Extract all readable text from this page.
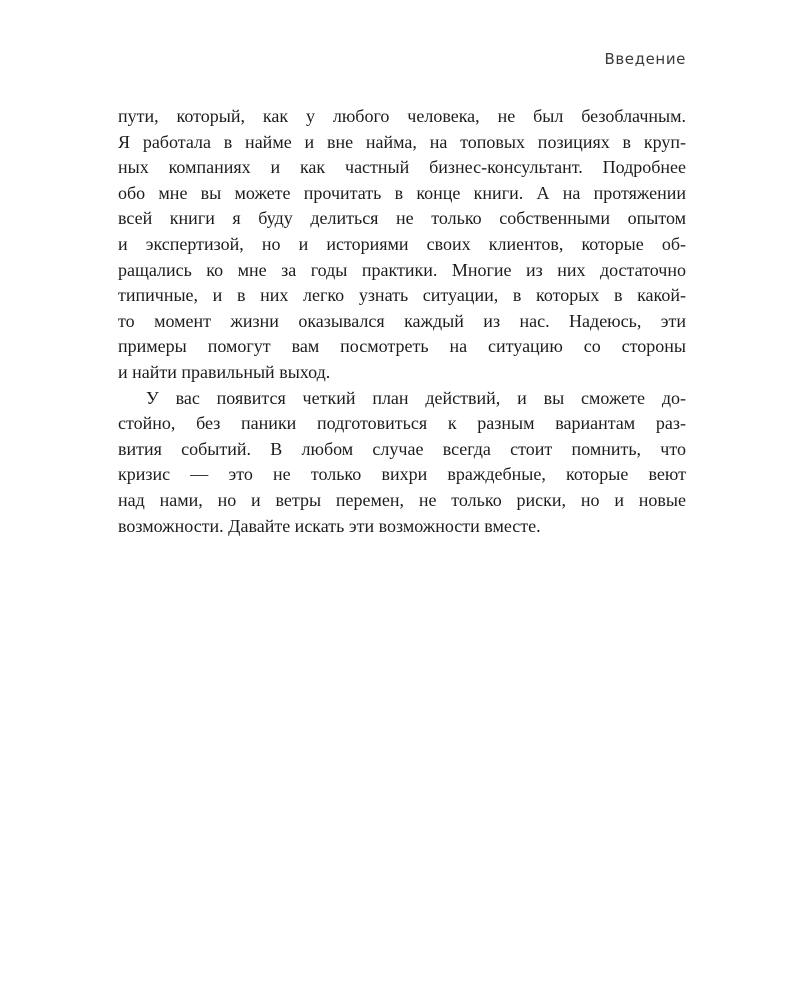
Введение
пути, который, как у любого человека, не был безоблачным.
Я работала в найме и вне найма, на топовых позициях в круп-
ных компаниях и как частный бизнес-консультант. Подробнее
обо мне вы можете прочитать в конце книги. А на протяжении
всей книги я буду делиться не только собственными опытом
и экспертизой, но и историями своих клиентов, которые об-
ращались ко мне за годы практики. Многие из них достаточно
типичные, и в них легко узнать ситуации, в которых в какой-
то момент жизни оказывался каждый из нас. Надеюсь, эти
примеры помогут вам посмотреть на ситуацию со стороны
и найти правильный выход.
У вас появится четкий план действий, и вы сможете до-
стойно, без паники подготовиться к разным вариантам раз-
вития событий. В любом случае всегда стоит помнить, что
кризис — это не только вихри враждебные, которые веют
над нами, но и ветры перемен, не только риски, но и новые
возможности. Давайте искать эти возможности вместе.
